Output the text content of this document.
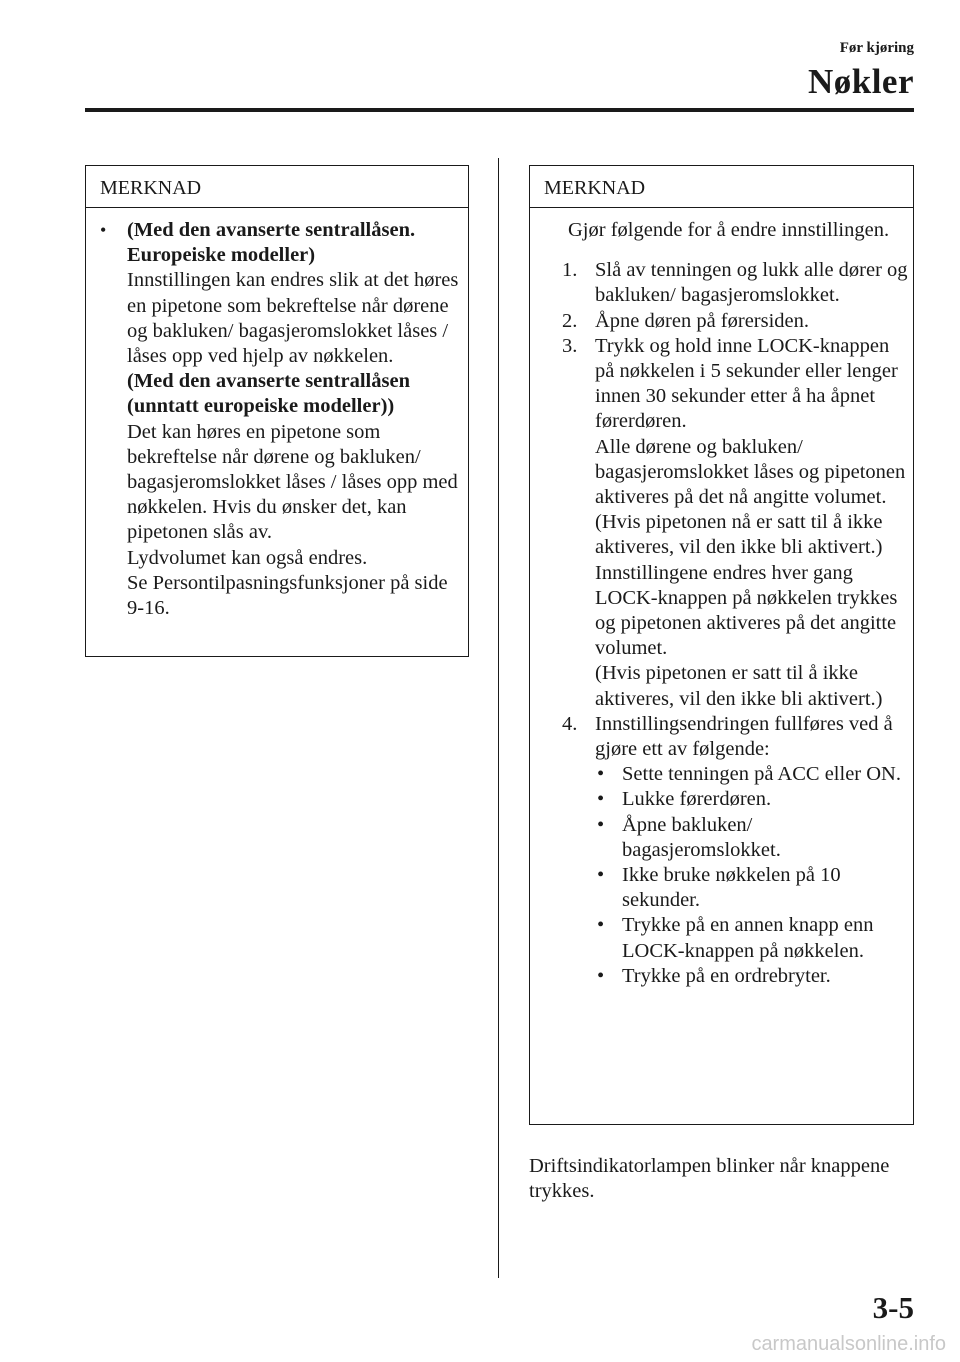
Før kjøring
Nøkler
MERKNAD
• (Med den avanserte sentrallåsen. Europeiske modeller)
Innstillingen kan endres slik at det høres en pipetone som bekreftelse når dørene og bakluken/ bagasjeromslokket låses / låses opp ved hjelp av nøkkelen.
(Med den avanserte sentrallåsen (unntatt europeiske modeller))
Det kan høres en pipetone som bekreftelse når dørene og bakluken/ bagasjeromslokket låses / låses opp med nøkkelen. Hvis du ønsker det, kan pipetonen slås av.
Lydvolumet kan også endres.
Se Persontilpasningsfunksjoner på side 9-16.
MERKNAD
Gjør følgende for å endre innstillingen.
1. Slå av tenningen og lukk alle dører og bakluken/ bagasjeromslokket.
2. Åpne døren på førersiden.
3. Trykk og hold inne LOCK-knappen på nøkkelen i 5 sekunder eller lenger innen 30 sekunder etter å ha åpnet førerdøren.
Alle dørene og bakluken/ bagasjeromslokket låses og pipetonen aktiveres på det nå angitte volumet. (Hvis pipetonen nå er satt til å ikke aktiveres, vil den ikke bli aktivert.)
Innstillingene endres hver gang LOCK-knappen på nøkkelen trykkes og pipetonen aktiveres på det angitte volumet.
(Hvis pipetonen er satt til å ikke aktiveres, vil den ikke bli aktivert.)
4. Innstillingsendringen fullføres ved å gjøre ett av følgende:
• Sette tenningen på ACC eller ON.
• Lukke førerdøren.
• Åpne bakluken/ bagasjeromslokket.
• Ikke bruke nøkkelen på 10 sekunder.
• Trykke på en annen knapp enn LOCK-knappen på nøkkelen.
• Trykke på en ordrebryter.
Driftsindikatorlampen blinker når knappene trykkes.
3-5
carmanualsonline.info
